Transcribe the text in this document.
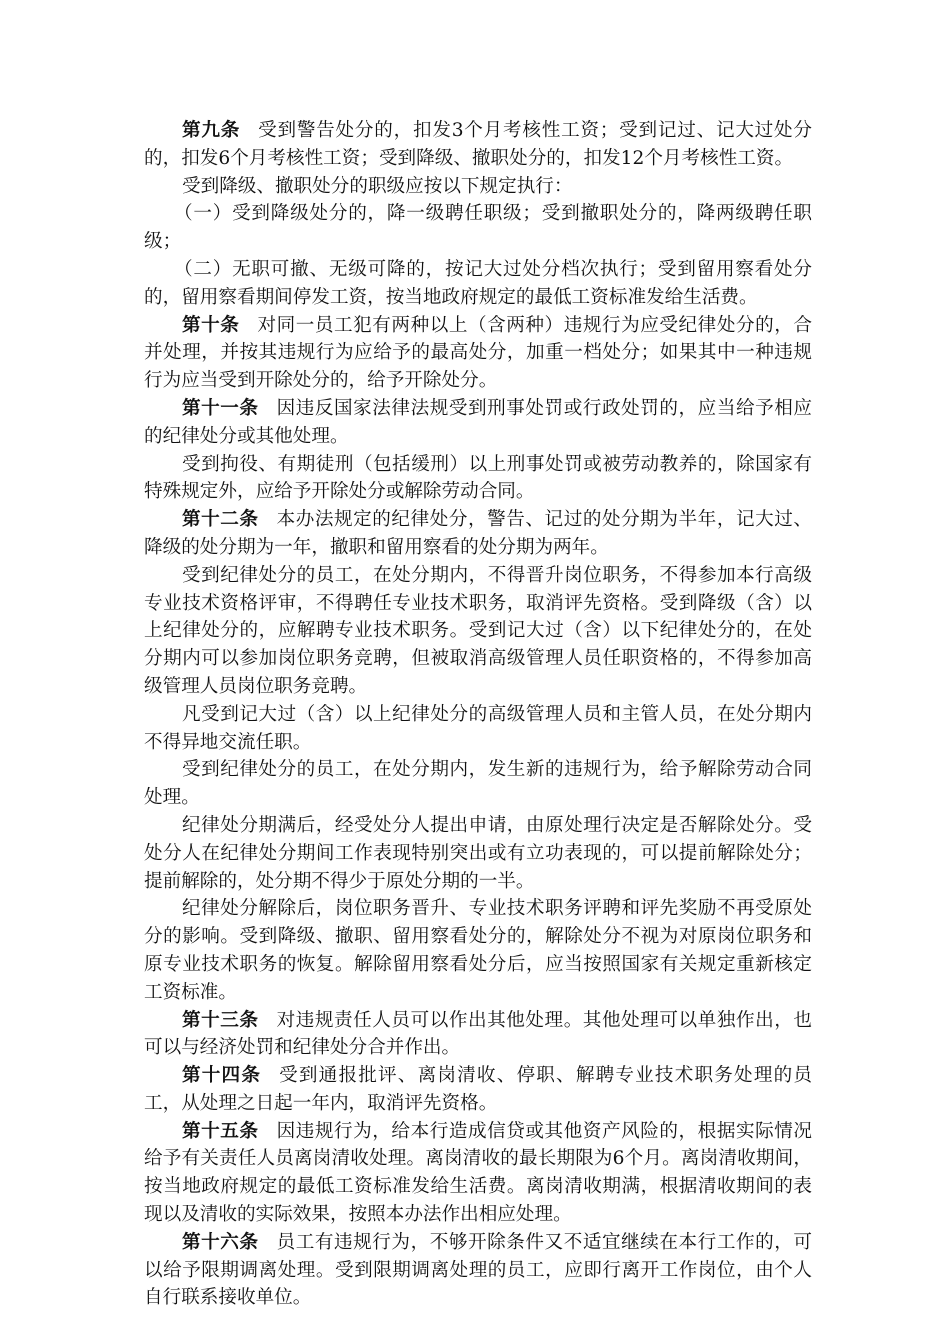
第九条 受到警告处分的，扣发3个月考核性工资；受到记过、记大过处分的，扣发6个月考核性工资；受到降级、撤职处分的，扣发12个月考核性工资。

受到降级、撤职处分的职级应按以下规定执行：

（一）受到降级处分的，降一级聘任职级；受到撤职处分的，降两级聘任职级；

（二）无职可撤、无级可降的，按记大过处分档次执行；受到留用察看处分的，留用察看期间停发工资，按当地政府规定的最低工资标准发给生活费。

第十条 对同一员工犯有两种以上（含两种）违规行为应受纪律处分的，合并处理，并按其违规行为应给予的最高处分，加重一档处分；如果其中一种违规行为应当受到开除处分的，给予开除处分。

第十一条 因违反国家法律法规受到刑事处罚或行政处罚的，应当给予相应的纪律处分或其他处理。

受到拘役、有期徒刑（包括缓刑）以上刑事处罚或被劳动教养的，除国家有特殊规定外，应给予开除处分或解除劳动合同。

第十二条 本办法规定的纪律处分，警告、记过的处分期为半年，记大过、降级的处分期为一年，撤职和留用察看的处分期为两年。

受到纪律处分的员工，在处分期内，不得晋升岗位职务，不得参加本行高级专业技术资格评审，不得聘任专业技术职务，取消评先资格。受到降级（含）以上纪律处分的，应解聘专业技术职务。受到记大过（含）以下纪律处分的，在处分期内可以参加岗位职务竞聘，但被取消高级管理人员任职资格的，不得参加高级管理人员岗位职务竞聘。

凡受到记大过（含）以上纪律处分的高级管理人员和主管人员，在处分期内不得异地交流任职。

受到纪律处分的员工，在处分期内，发生新的违规行为，给予解除劳动合同处理。

纪律处分期满后，经受处分人提出申请，由原处理行决定是否解除处分。受处分人在纪律处分期间工作表现特别突出或有立功表现的，可以提前解除处分；提前解除的，处分期不得少于原处分期的一半。

纪律处分解除后，岗位职务晋升、专业技术职务评聘和评先奖励不再受原处分的影响。受到降级、撤职、留用察看处分的，解除处分不视为对原岗位职务和原专业技术职务的恢复。解除留用察看处分后，应当按照国家有关规定重新核定工资标准。

第十三条 对违规责任人员可以作出其他处理。其他处理可以单独作出，也可以与经济处罚和纪律处分合并作出。

第十四条 受到通报批评、离岗清收、停职、解聘专业技术职务处理的员工，从处理之日起一年内，取消评先资格。

第十五条 因违规行为，给本行造成信贷或其他资产风险的，根据实际情况给予有关责任人员离岗清收处理。离岗清收的最长期限为6个月。离岗清收期间，按当地政府规定的最低工资标准发给生活费。离岗清收期满，根据清收期间的表现以及清收的实际效果，按照本办法作出相应处理。

第十六条 员工有违规行为，不够开除条件又不适宜继续在本行工作的，可以给予限期调离处理。受到限期调离处理的员工，应即行离开工作岗位，由个人自行联系接收单位。
